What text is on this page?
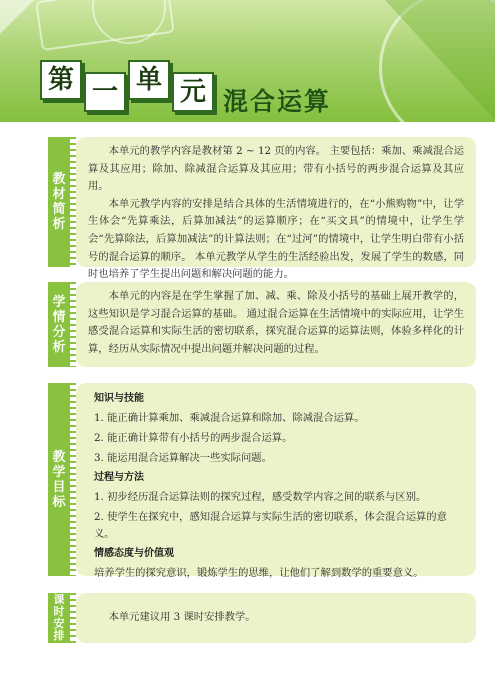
第 一 单 元 混合运算
教
材
简
析

本单元的教学内容是教材第 2 ~ 12 页的内容。 主要包括：乘加、乘减混合运算及其应用；除加、除减混合运算及其应用；带有小括号的两步混合运算及其应用。

本单元教学内容的安排是结合具体的生活情境进行的，在“小熊购物”中，让学生体会“先算乘法，后算加减法”的运算顺序；在“买文具”的情境中，让学生学会“先算除法，后算加减法”的计算法则；在“过河”的情境中，让学生明白带有小括号的混合运算的顺序。 本单元教学从学生的生活经验出发，发展了学生的数感，同时也培养了学生提出问题和解决问题的能力。

学
情
分
析

本单元的内容是在学生掌握了加、减、乘、除及小括号的基础上展开教学的，这些知识是学习混合运算的基础。 通过混合运算在生活情境中的实际应用，让学生感受混合运算和实际生活的密切联系，探究混合运算的运算法则，体验多样化的计算，经历从实际情况中提出问题并解决问题的过程。

教
学
目
标
知识与技能
1. 能正确计算乘加、乘减混合运算和除加、除减混合运算。
2. 能正确计算带有小括号的两步混合运算。
3. 能运用混合运算解决一些实际问题。
过程与方法
1. 初步经历混合运算法则的探究过程，感受数学内容之间的联系与区别。
2. 使学生在探究中，感知混合运算与实际生活的密切联系，体会混合运算的意义。
情感态度与价值观
培养学生的探究意识，锻炼学生的思维，让他们了解到数学的重要意义。
课
时
安
排

本单元建议用 3 课时安排教学。
